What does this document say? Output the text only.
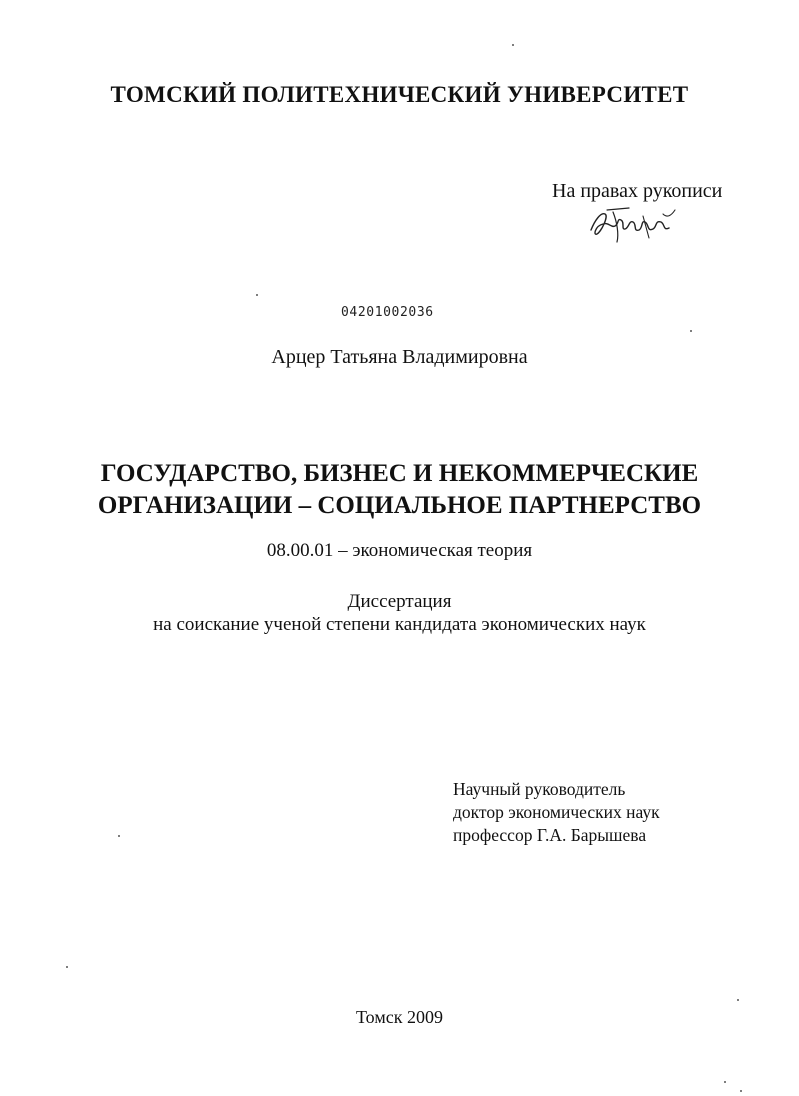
ТОМСКИЙ ПОЛИТЕХНИЧЕСКИЙ УНИВЕРСИТЕТ
На правах рукописи
04201002036
Арцер Татьяна Владимировна
ГОСУДАРСТВО, БИЗНЕС И НЕКОММЕРЧЕСКИЕ
ОРГАНИЗАЦИИ – СОЦИАЛЬНОЕ ПАРТНЕРСТВО
08.00.01 – экономическая теория
Диссертация
на соискание ученой степени кандидата экономических наук
Научный руководитель
доктор экономических наук
профессор Г.А. Барышева
Томск 2009
